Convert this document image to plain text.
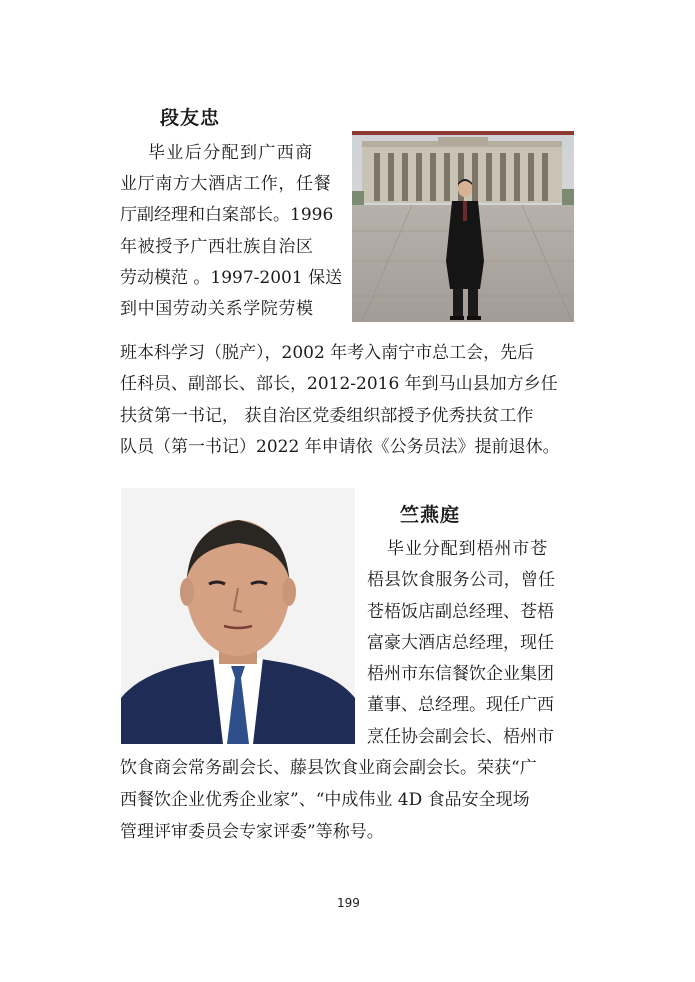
段友忠
毕业后分配到广西商
业厅南方大酒店工作，任餐
厅副经理和白案部长。1996
年被授予广西壮族自治区
劳动模范 。1997-2001 保送
到中国劳动关系学院劳模
班本科学习（脱产），2002 年考入南宁市总工会，先后
任科员、副部长、部长，2012-2016 年到马山县加方乡任
扶贫第一书记， 获自治区党委组织部授予优秀扶贫工作
队员（第一书记）2022 年申请依《公务员法》提前退休。
竺燕庭
毕业分配到梧州市苍
梧县饮食服务公司，曾任
苍梧饭店副总经理、苍梧
富豪大酒店总经理，现任
梧州市东信餐饮企业集团
董事、总经理。现任广西
烹任协会副会长、梧州市
饮食商会常务副会长、藤县饮食业商会副会长。荣获“广
西餐饮企业优秀企业家”、“中成伟业 4D 食品安全现场
管理评审委员会专家评委”等称号。
199
